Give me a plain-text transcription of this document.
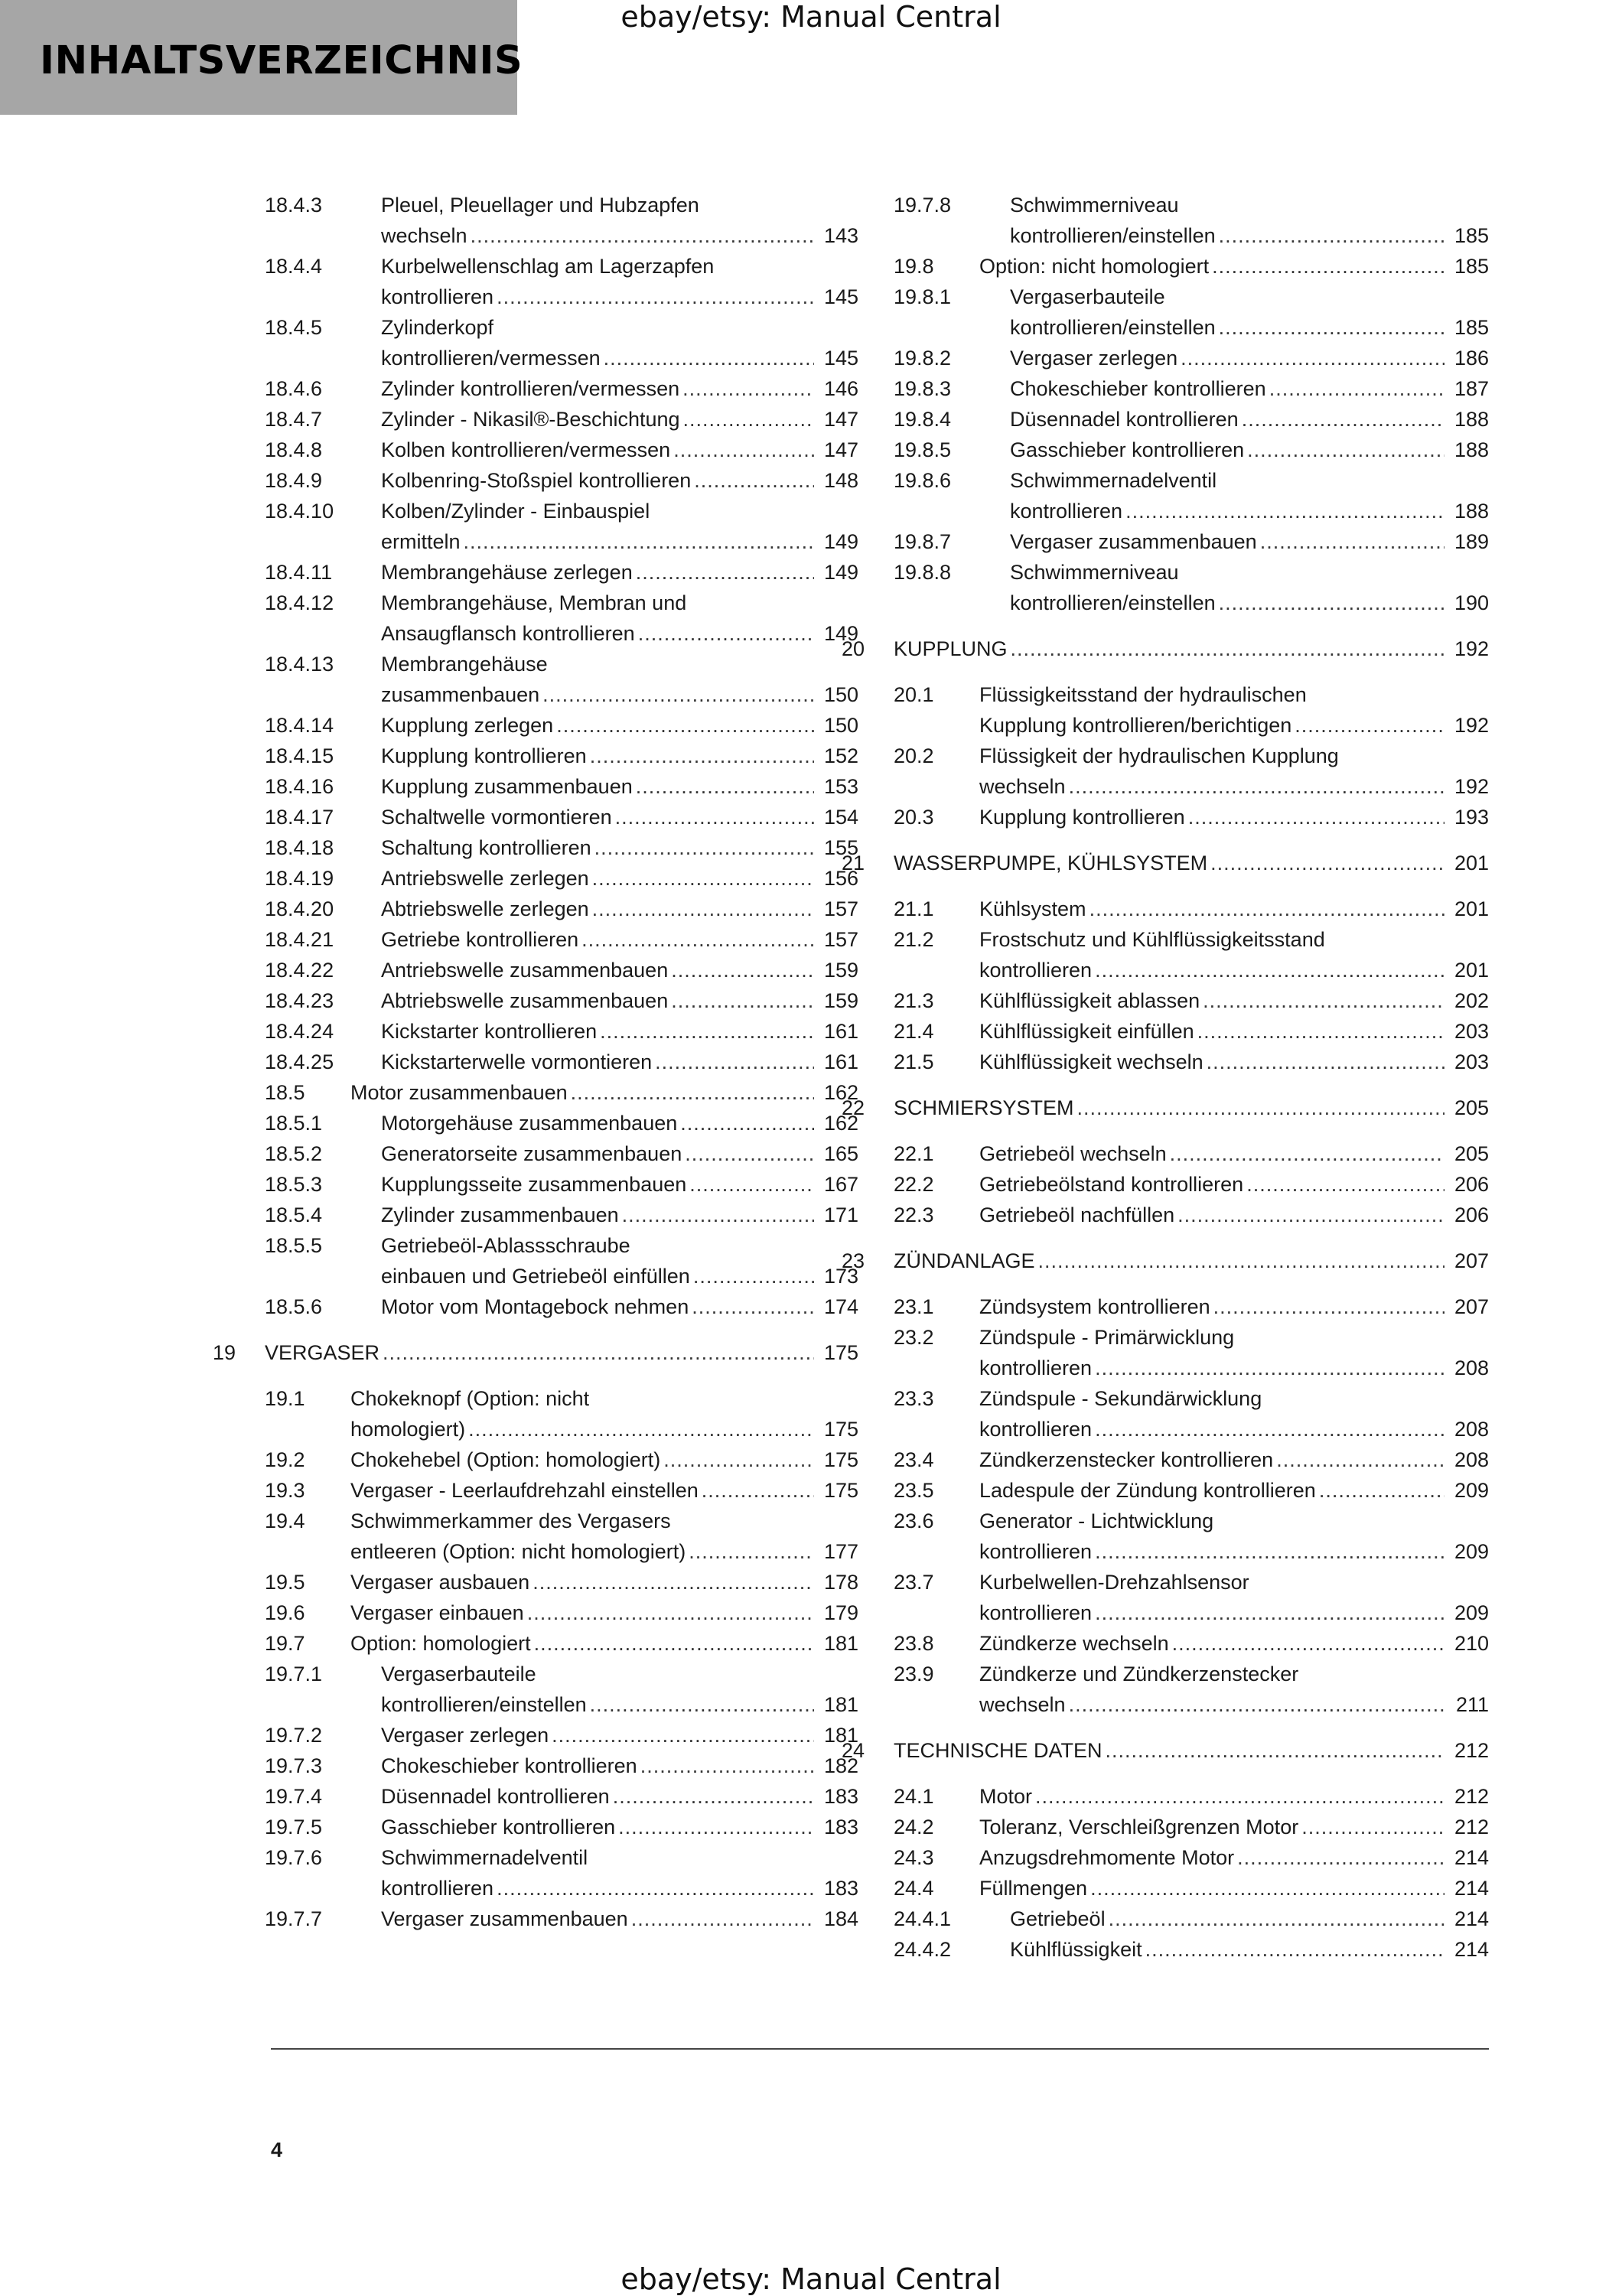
ebay/etsy: Manual Central
INHALTSVERZEICHNIS
18.4.3	Pleuel, Pleuellager und Hubzapfen
wechseln .....	143
18.4.4	Kurbelwellenschlag am Lagerzapfen
kontrollieren .....	145
18.4.5	Zylinderkopf
kontrollieren/vermessen .....	145
18.4.6	Zylinder kontrollieren/vermessen .....	146
18.4.7	Zylinder - Nikasil®-Beschichtung .....	147
18.4.8	Kolben kontrollieren/vermessen .....	147
18.4.9	Kolbenring-Stoßspiel kontrollieren .....	148
18.4.10 Kolben/Zylinder - Einbauspiel
ermitteln .....	149
18.4.11 Membrangehäuse zerlegen .....	149
18.4.12 Membrangehäuse, Membran und
Ansaugflansch kontrollieren .....	149
18.4.13 Membrangehäuse
zusammenbauen .....	150
18.4.14 Kupplung zerlegen .....	150
18.4.15 Kupplung kontrollieren .....	152
18.4.16 Kupplung zusammenbauen .....	153
18.4.17 Schaltwelle vormontieren .....	154
18.4.18 Schaltung kontrollieren .....	155
18.4.19 Antriebswelle zerlegen .....	156
18.4.20 Abtriebswelle zerlegen .....	157
18.4.21 Getriebe kontrollieren .....	157
18.4.22 Antriebswelle zusammenbauen .....	159
18.4.23 Abtriebswelle zusammenbauen .....	159
18.4.24 Kickstarter kontrollieren .....	161
18.4.25 Kickstarterwelle vormontieren .....	161
18.5 Motor zusammenbauen .....	162
18.5.1	Motorgehäuse zusammenbauen .....	162
18.5.2	Generatorseite zusammenbauen .....	165
18.5.3	Kupplungsseite zusammenbauen .....	167
18.5.4	Zylinder zusammenbauen .....	171
18.5.5	Getriebeöl-Ablassschraube
einbauen und Getriebeöl einfüllen .....	173
18.5.6	Motor vom Montagebock nehmen .....	174
19 VERGASER .....	175
19.1 Chokeknopf (Option: nicht
homologiert) .....	175
19.2 Chokehebel (Option: homologiert) .....	175
19.3 Vergaser - Leerlaufdrehzahl einstellen .....	175
19.4 Schwimmerkammer des Vergasers
entleeren (Option: nicht homologiert) .....	177
19.5 Vergaser ausbauen .....	178
19.6 Vergaser einbauen .....	179
19.7 Option: homologiert .....	181
19.7.1	Vergaserbauteile
kontrollieren/einstellen .....	181
19.7.2	Vergaser zerlegen .....	181
19.7.3	Chokeschieber kontrollieren .....	182
19.7.4	Düsennadel kontrollieren .....	183
19.7.5	Gasschieber kontrollieren .....	183
19.7.6	Schwimmernadelventil
kontrollieren .....	183
19.7.7	Vergaser zusammenbauen .....	184
19.7.8	Schwimmerniveau
kontrollieren/einstellen .....	185
19.8 Option: nicht homologiert .....	185
19.8.1	Vergaserbauteile
kontrollieren/einstellen .....	185
19.8.2	Vergaser zerlegen .....	186
19.8.3	Chokeschieber kontrollieren .....	187
19.8.4	Düsennadel kontrollieren .....	188
19.8.5	Gasschieber kontrollieren .....	188
19.8.6	Schwimmernadelventil
kontrollieren .....	188
19.8.7	Vergaser zusammenbauen .....	189
19.8.8	Schwimmerniveau
kontrollieren/einstellen .....	190
20 KUPPLUNG .....	192
20.1 Flüssigkeitsstand der hydraulischen
Kupplung kontrollieren/berichtigen .....	192
20.2 Flüssigkeit der hydraulischen Kupplung
wechseln .....	192
20.3 Kupplung kontrollieren .....	193
21 WASSERPUMPE, KÜHLSYSTEM .....	201
21.1 Kühlsystem .....	201
21.2 Frostschutz und Kühlflüssigkeitsstand
kontrollieren .....	201
21.3 Kühlflüssigkeit ablassen .....	202
21.4 Kühlflüssigkeit einfüllen .....	203
21.5 Kühlflüssigkeit wechseln .....	203
22 SCHMIERSYSTEM .....	205
22.1 Getriebeöl wechseln .....	205
22.2 Getriebeölstand kontrollieren .....	206
22.3 Getriebeöl nachfüllen .....	206
23 ZÜNDANLAGE .....	207
23.1 Zündsystem kontrollieren .....	207
23.2 Zündspule - Primärwicklung
kontrollieren .....	208
23.3 Zündspule - Sekundärwicklung
kontrollieren .....	208
23.4 Zündkerzenstecker kontrollieren .....	208
23.5 Ladespule der Zündung kontrollieren .....	209
23.6 Generator - Lichtwicklung
kontrollieren .....	209
23.7 Kurbelwellen-Drehzahlsensor
kontrollieren .....	209
23.8 Zündkerze wechseln .....	210
23.9 Zündkerze und Zündkerzenstecker
wechseln .....	211
24 TECHNISCHE DATEN .....	212
24.1 Motor .....	212
24.2 Toleranz, Verschleißgrenzen Motor .....	212
24.3 Anzugsdrehmomente Motor .....	214
24.4 Füllmengen .....	214
24.4.1	Getriebeöl .....	214
24.4.2	Kühlflüssigkeit .....	214
4
ebay/etsy: Manual Central
